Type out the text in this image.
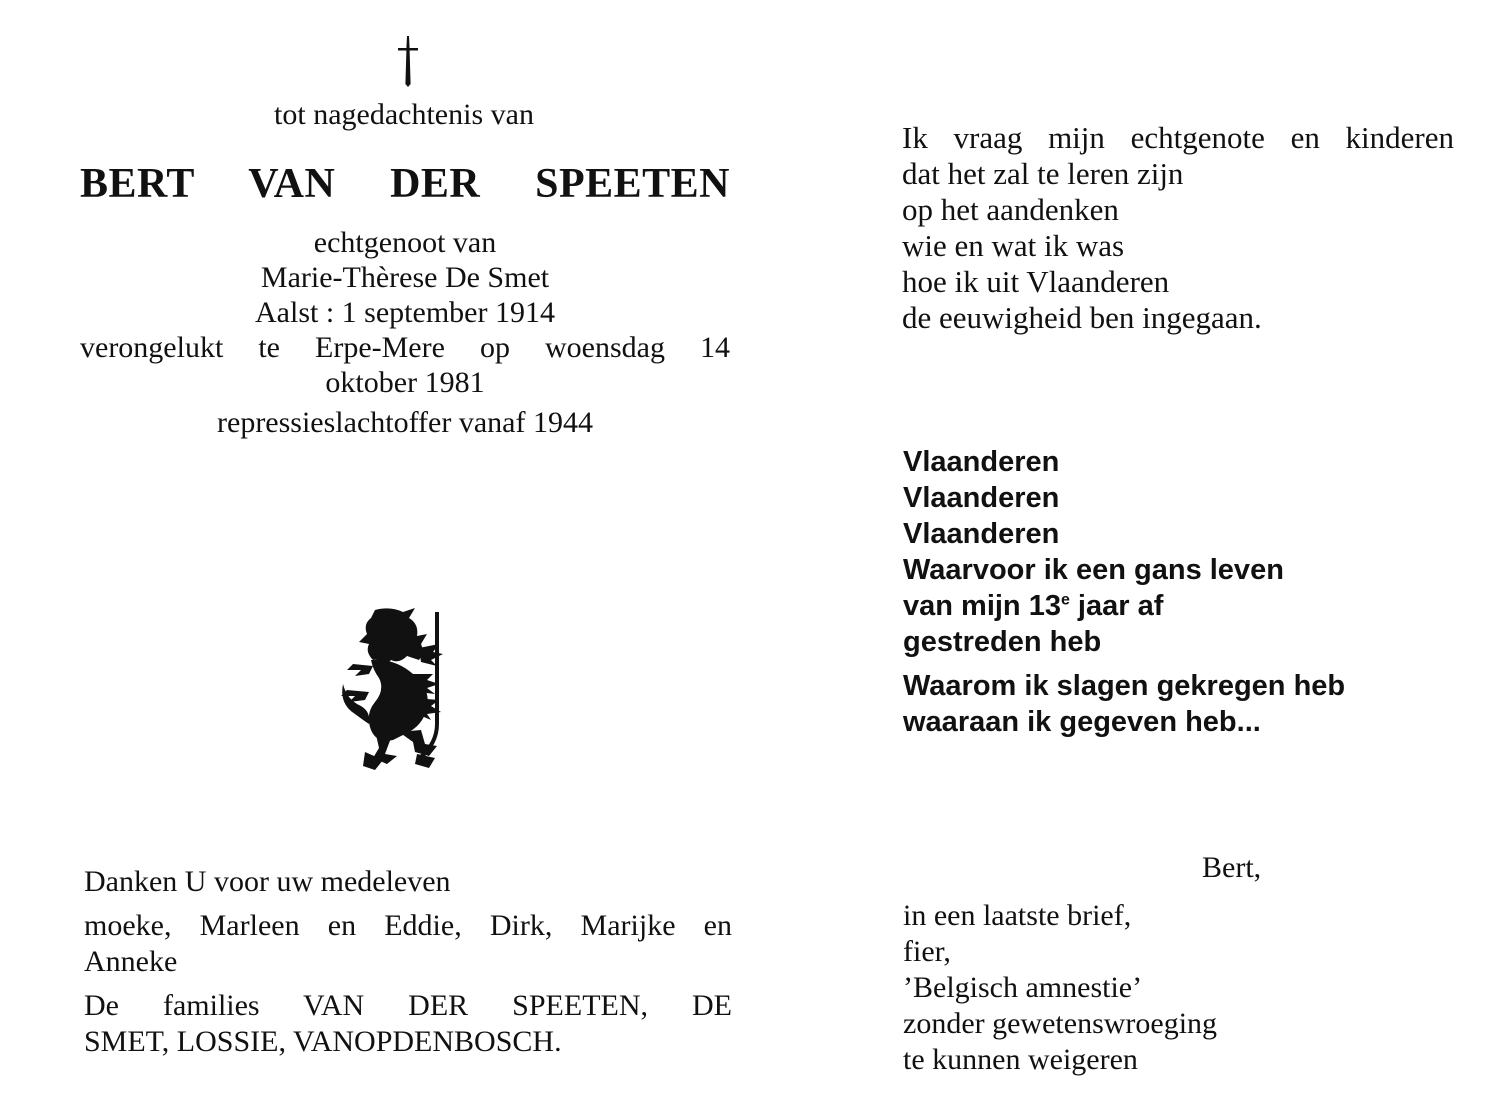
tot nagedachtenis van
BERT VAN DER SPEETEN
echtgenoot van
Marie-Thèrese De Smet
Aalst : 1 september 1914
verongelukt te Erpe-Mere op woensdag 14
oktober 1981
repressieslachtoffer vanaf 1944
Danken U voor uw medeleven
moeke, Marleen en Eddie, Dirk, Marijke en
Anneke
De families VAN DER SPEETEN, DE
SMET, LOSSIE, VANOPDENBOSCH.
Ik vraag mijn echtgenote en kinderen
dat het zal te leren zijn
op het aandenken
wie en wat ik was
hoe ik uit Vlaanderen
de eeuwigheid ben ingegaan.
Vlaanderen
Vlaanderen
Vlaanderen
Waarvoor ik een gans leven
van mijn 13e jaar af
gestreden heb
Waarom ik slagen gekregen heb
waaraan ik gegeven heb...
Bert,
in een laatste brief,
fier,
’Belgisch amnestie’
zonder gewetenswroeging
te kunnen weigeren
